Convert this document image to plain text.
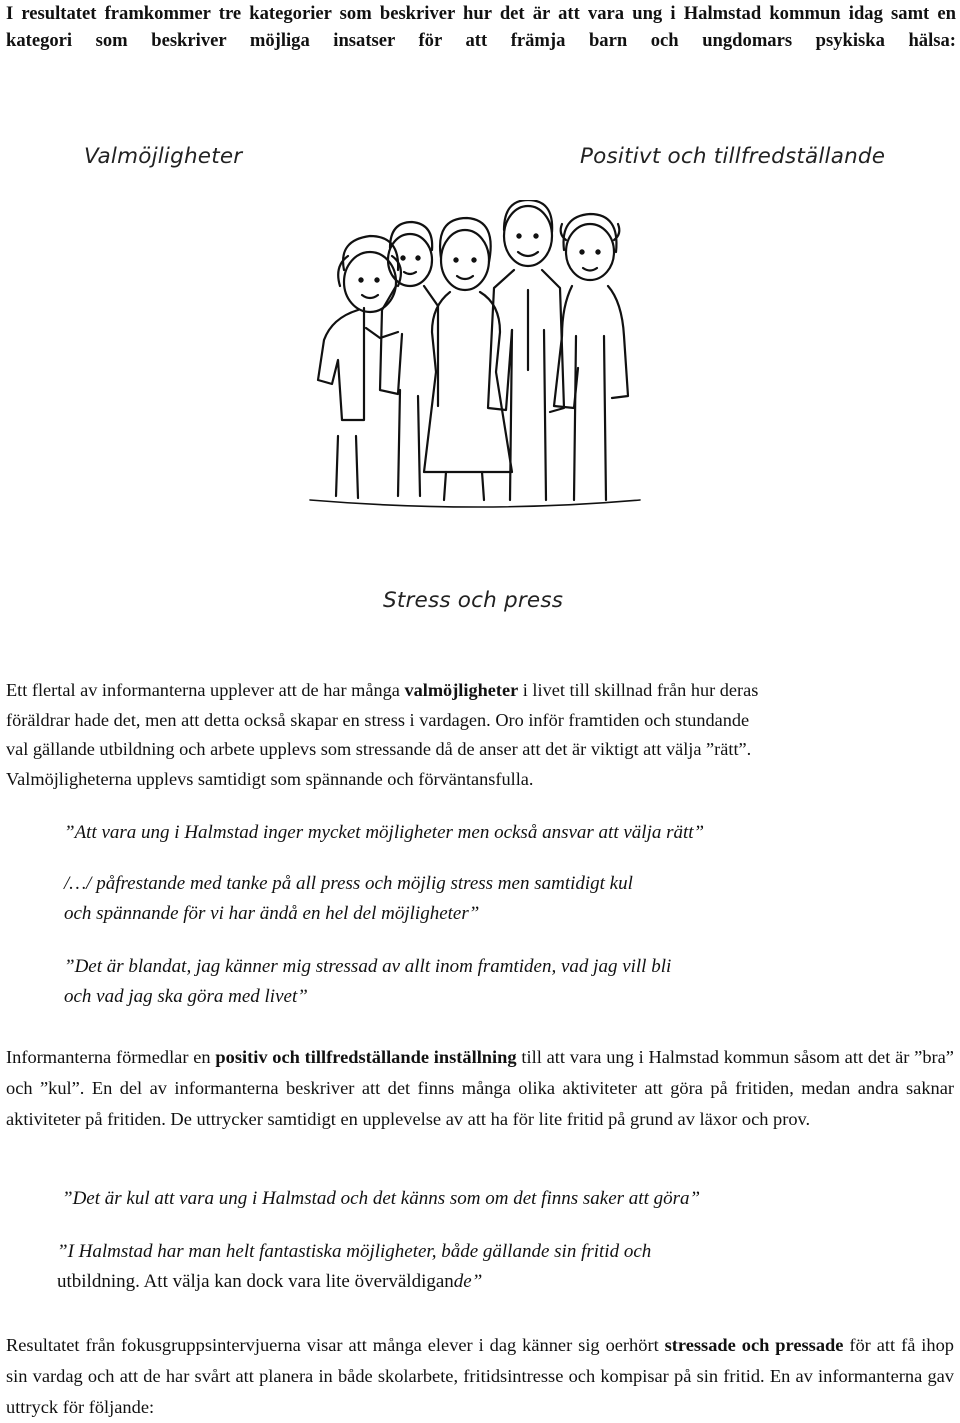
I resultatet framkommer tre kategorier som beskriver hur det är att vara ung i Halmstad kommun idag samt en kategori som beskriver möjliga insatser för att främja barn och ungdomars psykiska hälsa:

Valmöjligheter	Positivt och tillfredställande

Stress och press

Ett flertal av informanterna upplever att de har många valmöjligheter i livet till skillnad från hur deras
föräldrar hade det, men att detta också skapar en stress i vardagen. Oro inför framtiden och stundande
val gällande utbildning och arbete upplevs som stressande då de anser att det är viktigt att välja ”rätt”.
Valmöjligheterna upplevs samtidigt som spännande och förväntansfulla.

”Att vara ung i Halmstad inger mycket möjligheter men också ansvar att välja rätt”

/…/ påfrestande med tanke på all press och möjlig stress men samtidigt kul
och spännande för vi har ändå en hel del möjligheter”

”Det är blandat, jag känner mig stressad av allt inom framtiden, vad jag vill bli
och vad jag ska göra med livet”

Informanterna förmedlar en positiv och tillfredställande inställning till att vara ung i Halmstad kommun såsom att det är ”bra” och ”kul”. En del av informanterna beskriver att det finns många olika aktiviteter att göra på fritiden, medan andra saknar aktiviteter på fritiden. De uttrycker samtidigt en upplevelse av att ha för lite fritid på grund av läxor och prov.

”Det är kul att vara ung i Halmstad och det känns som om det finns saker att göra”

”I Halmstad har man helt fantastiska möjligheter, både gällande sin fritid och
utbildning. Att välja kan dock vara lite överväldigande”

Resultatet från fokusgruppsintervjuerna visar att många elever i dag känner sig oerhört stressade och pressade för att få ihop sin vardag och att de har svårt att planera in både skolarbete, fritidsintresse och kompisar på sin fritid. En av informanterna gav uttryck för följande:
